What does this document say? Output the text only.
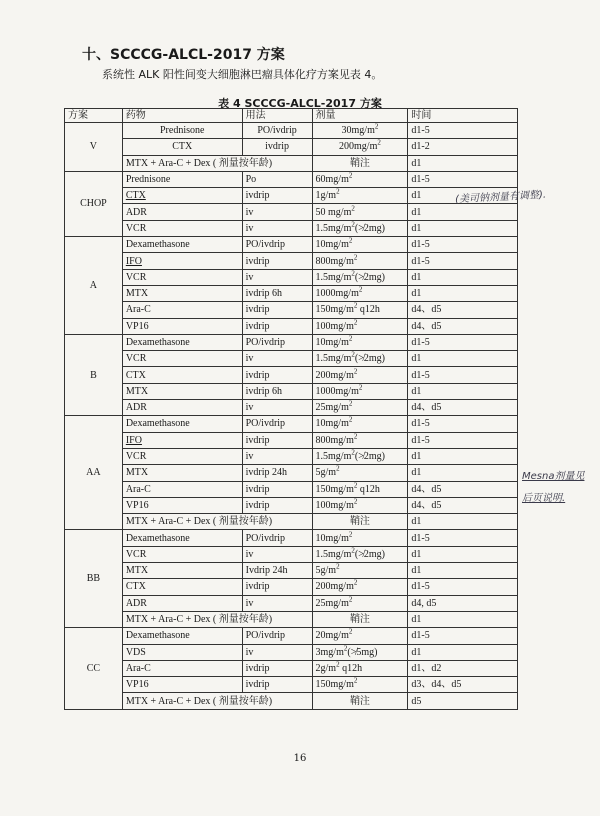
十、SCCCG-ALCL-2017 方案
系统性 ALK 阳性间变大细胞淋巴瘤具体化疗方案见表 4。
表 4 SCCCG-ALCL-2017 方案
方案	药物	用法	剂量	时间
V	Prednisone	PO/ivdrip	$30mg/m^2$	d1-5
	CTX	ivdrip	$200mg/m^2$	d1-2
	MTX + Ara-C + Dex ( 剂量按年龄)		鞘注	d1
CHOP	Prednisone	Po	$60mg/m^2$	d1-5
	CTX	ivdrip	$1g/m^2$	d1
	ADR	iv	50 $mg/m^2$	d1
	VCR	iv	$1.5mg/m^2(≯2mg)$	d1
A	Dexamethasone	PO/ivdrip	$10mg/m^2$	d1-5
	IFO	ivdrip	$800mg/m^2$	d1-5
	VCR	iv	$1.5mg/m^2(≯2mg)$	d1
	MTX	ivdrip 6h	$1000mg/m^2$	d1
	Ara-C	ivdrip	$150mg/m^2$ q12h	d4、d5
	VP16	ivdrip	$100mg/m^2$	d4、d5
B	Dexamethasone	PO/ivdrip	$10mg/m^2$	d1-5
	VCR	iv	$1.5mg/m^2(≯2mg)$	d1
	CTX	ivdrip	$200mg/m^2$	d1-5
	MTX	ivdrip 6h	$1000mg/m^2$	d1
	ADR	iv	$25mg/m^2$	d4、d5
AA	Dexamethasone	PO/ivdrip	$10mg/m^2$	d1-5
	IFO	ivdrip	$800mg/m^2$	d1-5
	VCR	iv	$1.5mg/m^2(≯2mg)$	d1
	MTX	ivdrip 24h	$5g/m^2$	d1
	Ara-C	ivdrip	$150mg/m^2$ q12h	d4、d5
	VP16	ivdrip	$100mg/m^2$	d4、d5
	MTX + Ara-C + Dex ( 剂量按年龄)		鞘注	d1
BB	Dexamethasone	PO/ivdrip	$10mg/m^2$	d1-5
	VCR	iv	$1.5mg/m^2(≯2mg)$	d1
	MTX	Ivdrip 24h	$5g/m^2$	d1
	CTX	ivdrip	$200mg/m^2$	d1-5
	ADR	iv	$25mg/m^2$	d4, d5
	MTX + Ara-C + Dex ( 剂量按年龄)		鞘注	d1
CC	Dexamethasone	PO/ivdrip	$20mg/m^2$	d1-5
	VDS	iv	$3mg/m^2(≯5mg)$	d1
	Ara-C	ivdrip	$2g/m^2$ q12h	d1、d2
	VP16	ivdrip	$150mg/m^2$	d3、d4、d5
	MTX + Ara-C + Dex ( 剂量按年龄)		鞘注	d5
(美司钠剂量有调整).
Mesna剂量见
后页说明.
16
